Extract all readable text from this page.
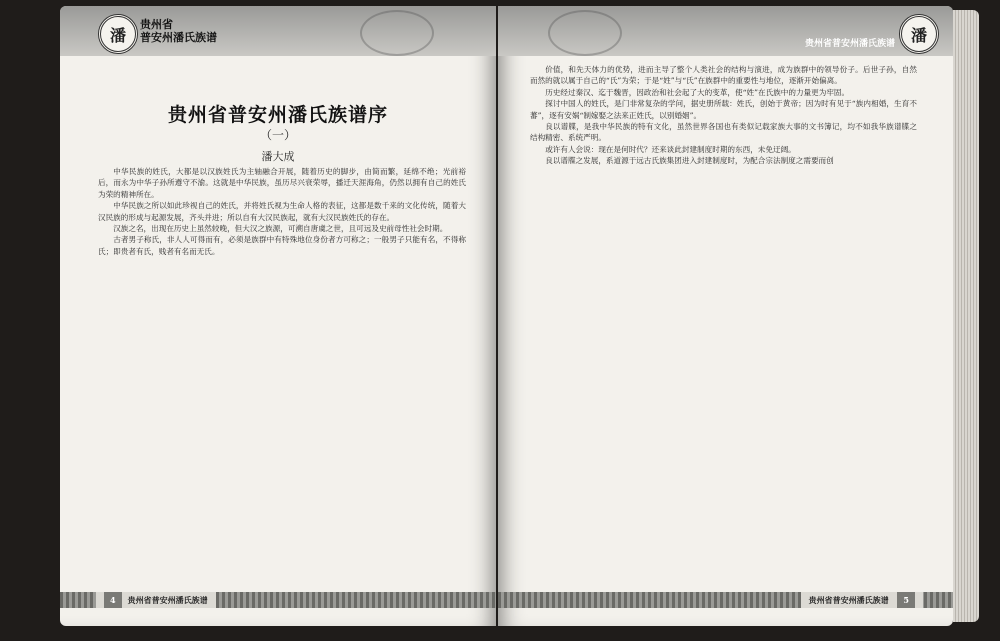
潘
贵州省
普安州潘氏族谱
贵州省普安州潘氏族谱序
（一）
潘大成

中华民族的姓氏，大都是以汉族姓氏为主轴融合开展，随着历史的脚步，由简而繁，延绵不绝；光前裕后，而永为中华子孙所遵守不渝。这就是中华民族，虽历尽兴衰荣辱，播迁天涯海角，仍然以拥有自己的姓氏为荣的精神所在。

中华民族之所以如此珍视自己的姓氏，并将姓氏视为生命人格的表征，这都是数千来的文化传统，随着大汉民族的形成与起源发展，齐头并进；所以自有大汉民族起，就有大汉民族姓氏的存在。

汉族之名，出现在历史上虽然较晚，但大汉之族源，可溯自唐虞之世，且可远及史前母性社会时期。

古者男子称氏，非人人可得而有，必须是族群中有特殊地位身份者方可称之；一般男子只能有名，不得称氏；即贵者有氏，贱者有名而无氏。

4 贵州省普安州潘氏族谱
贵州省普安州潘氏族谱 潘

价值，和先天体力的优势，进而主导了整个人类社会的结构与演进，成为族群中的领导份子。后世子孙，自然而然的就以属于自己的“氏”为荣；于是“姓”与“氏”在族群中的重要性与地位，逐渐开始偏离。

历史经过秦汉、迄于魏晋，因政治和社会起了大的变革，使“姓”在氏族中的力量更为牢固。

探讨中国人的姓氏，是门非常复杂的学问，据史册所载：姓氏，创始于黄帝；因为时有见于“族内相婚，生育不蕃”，逐有安娲“制嫁娶之法来正姓氏，以别婚姻”。

良以谱牒，是我中华民族的特有文化，虽然世界各国也有类似记载家族大事的文书簿记，均不如我华族谱牒之结构精密、系统严明。

或许有人会说：现在是何时代？还来谈此封建制度时期的东西，未免迂阔。

良以谱牒之发展，系道源于远古氏族集团进入封建制度时，为配合宗法制度之需要而创

贵州省普安州潘氏族谱 5
